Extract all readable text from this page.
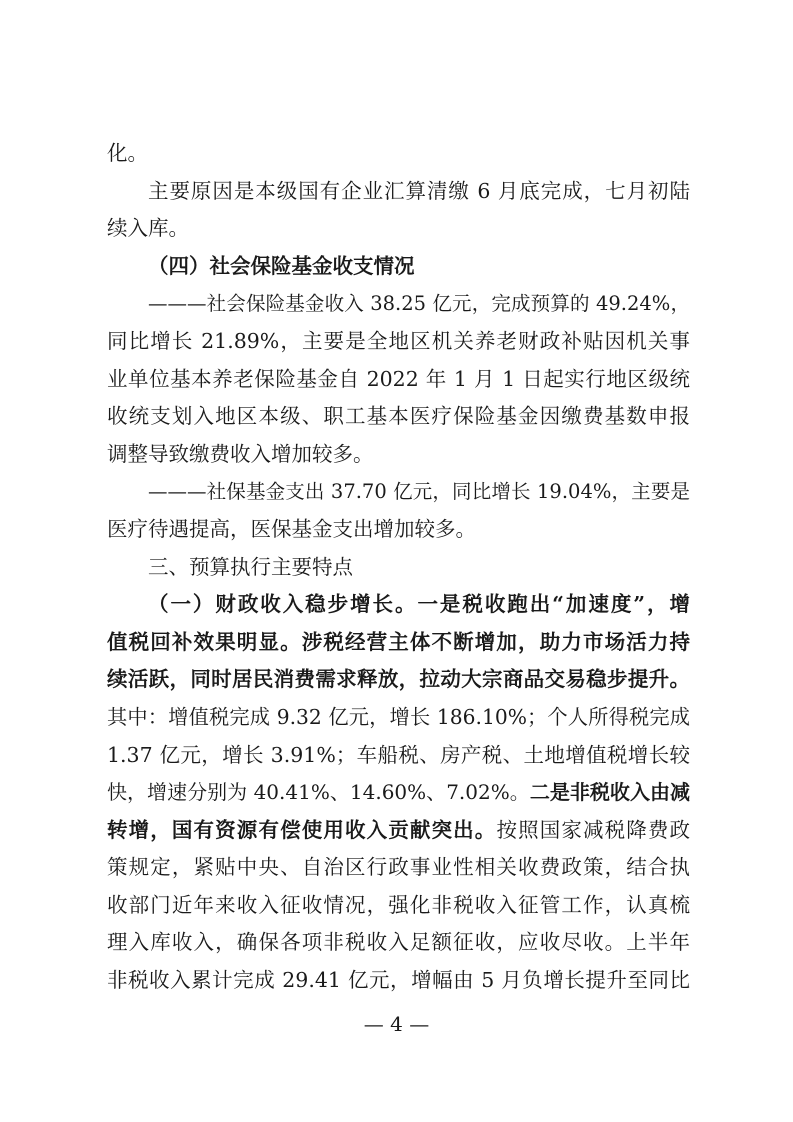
化。
主要原因是本级国有企业汇算清缴 6 月底完成，七月初陆
续入库。
（四）社会保险基金收支情况
———社会保险基金收入 38.25 亿元，完成预算的 49.24%，
同比增长 21.89%，主要是全地区机关养老财政补贴因机关事
业单位基本养老保险基金自 2022 年 1 月 1 日起实行地区级统
收统支划入地区本级、职工基本医疗保险基金因缴费基数申报
调整导致缴费收入增加较多。
———社保基金支出 37.70 亿元，同比增长 19.04%，主要是
医疗待遇提高，医保基金支出增加较多。
三、预算执行主要特点
（一）财政收入稳步增长。一是税收跑出“加速度”，增
值税回补效果明显。涉税经营主体不断增加，助力市场活力持
续活跃，同时居民消费需求释放，拉动大宗商品交易稳步提升。
其中：增值税完成 9.32 亿元，增长 186.10%；个人所得税完成
1.37 亿元，增长 3.91%；车船税、房产税、土地增值税增长较
快，增速分别为 40.41%、14.60%、7.02%。二是非税收入由减
转增，国有资源有偿使用收入贡献突出。按照国家减税降费政
策规定，紧贴中央、自治区行政事业性相关收费政策，结合执
收部门近年来收入征收情况，强化非税收入征管工作，认真梳
理入库收入，确保各项非税收入足额征收，应收尽收。上半年
非税收入累计完成 29.41 亿元，增幅由 5 月负增长提升至同比
— 4 —
